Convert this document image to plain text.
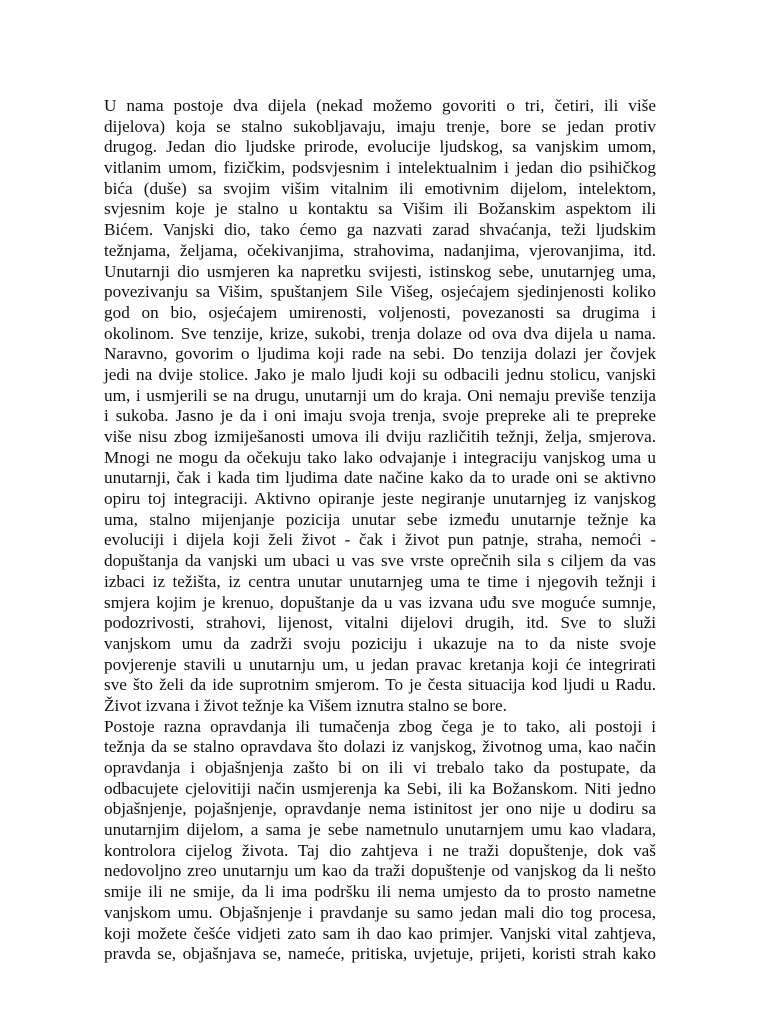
U nama postoje dva dijela (nekad možemo govoriti o tri, četiri, ili više
dijelova) koja se stalno sukobljavaju, imaju trenje, bore se jedan protiv
drugog. Jedan dio ljudske prirode, evolucije ljudskog, sa vanjskim umom,
vitlanim umom, fizičkim, podsvjesnim i intelektualnim i jedan dio psihičkog
bića (duše) sa svojim višim vitalnim ili emotivnim dijelom, intelektom,
svjesnim koje je stalno u kontaktu sa Višim ili Božanskim aspektom ili
Bićem. Vanjski dio, tako ćemo ga nazvati zarad shvaćanja, teži ljudskim
težnjama, željama, očekivanjima, strahovima, nadanjima, vjerovanjima, itd.
Unutarnji dio usmjeren ka napretku svijesti, istinskog sebe, unutarnjeg uma,
povezivanju sa Višim, spuštanjem Sile Višeg, osjećajem sjedinjenosti koliko
god on bio, osjećajem umirenosti, voljenosti, povezanosti sa drugima i
okolinom. Sve tenzije, krize, sukobi, trenja dolaze od ova dva dijela u nama.
Naravno, govorim o ljudima koji rade na sebi. Do tenzija dolazi jer čovjek
jedi na dvije stolice. Jako je malo ljudi koji su odbacili jednu stolicu, vanjski
um, i usmjerili se na drugu, unutarnji um do kraja. Oni nemaju previše tenzija
i sukoba. Jasno je da i oni imaju svoja trenja, svoje prepreke ali te prepreke
više nisu zbog izmiješanosti umova ili dviju različitih težnji, želja, smjerova.
Mnogi ne mogu da očekuju tako lako odvajanje i integraciju vanjskog uma u
unutarnji, čak i kada tim ljudima date načine kako da to urade oni se aktivno
opiru toj integraciji. Aktivno opiranje jeste negiranje unutarnjeg iz vanjskog
uma, stalno mijenjanje pozicija unutar sebe između unutarnje težnje ka
evoluciji i dijela koji želi život - čak i život pun patnje, straha, nemoći -
dopuštanja da vanjski um ubaci u vas sve vrste oprečnih sila s ciljem da vas
izbaci iz težišta, iz centra unutar unutarnjeg uma te time i njegovih težnji i
smjera kojim je krenuo, dopuštanje da u vas izvana uđu sve moguće sumnje,
podozrivosti, strahovi, lijenost, vitalni dijelovi drugih, itd. Sve to služi
vanjskom umu da zadrži svoju poziciju i ukazuje na to da niste svoje
povjerenje stavili u unutarnju um, u jedan pravac kretanja koji će integrirati
sve što želi da ide suprotnim smjerom. To je česta situacija kod ljudi u Radu.
Život izvana i život težnje ka Višem iznutra stalno se bore.
Postoje razna opravdanja ili tumačenja zbog čega je to tako, ali postoji i
težnja da se stalno opravdava što dolazi iz vanjskog, životnog uma, kao način
opravdanja i objašnjenja zašto bi on ili vi trebalo tako da postupate, da
odbacujete cjelovitiji način usmjerenja ka Sebi, ili ka Božanskom. Niti jedno
objašnjenje, pojašnjenje, opravdanje nema istinitost jer ono nije u dodiru sa
unutarnjim dijelom, a sama je sebe nametnulo unutarnjem umu kao vladara,
kontrolora cijelog života. Taj dio zahtjeva i ne traži dopuštenje, dok vaš
nedovoljno zreo unutarnju um kao da traži dopuštenje od vanjskog da li nešto
smije ili ne smije, da li ima podršku ili nema umjesto da to prosto nametne
vanjskom umu. Objašnjenje i pravdanje su samo jedan mali dio tog procesa,
koji možete češće vidjeti zato sam ih dao kao primjer. Vanjski vital zahtjeva,
pravda se, objašnjava se, nameće, pritiska, uvjetuje, prijeti, koristi strah kako
